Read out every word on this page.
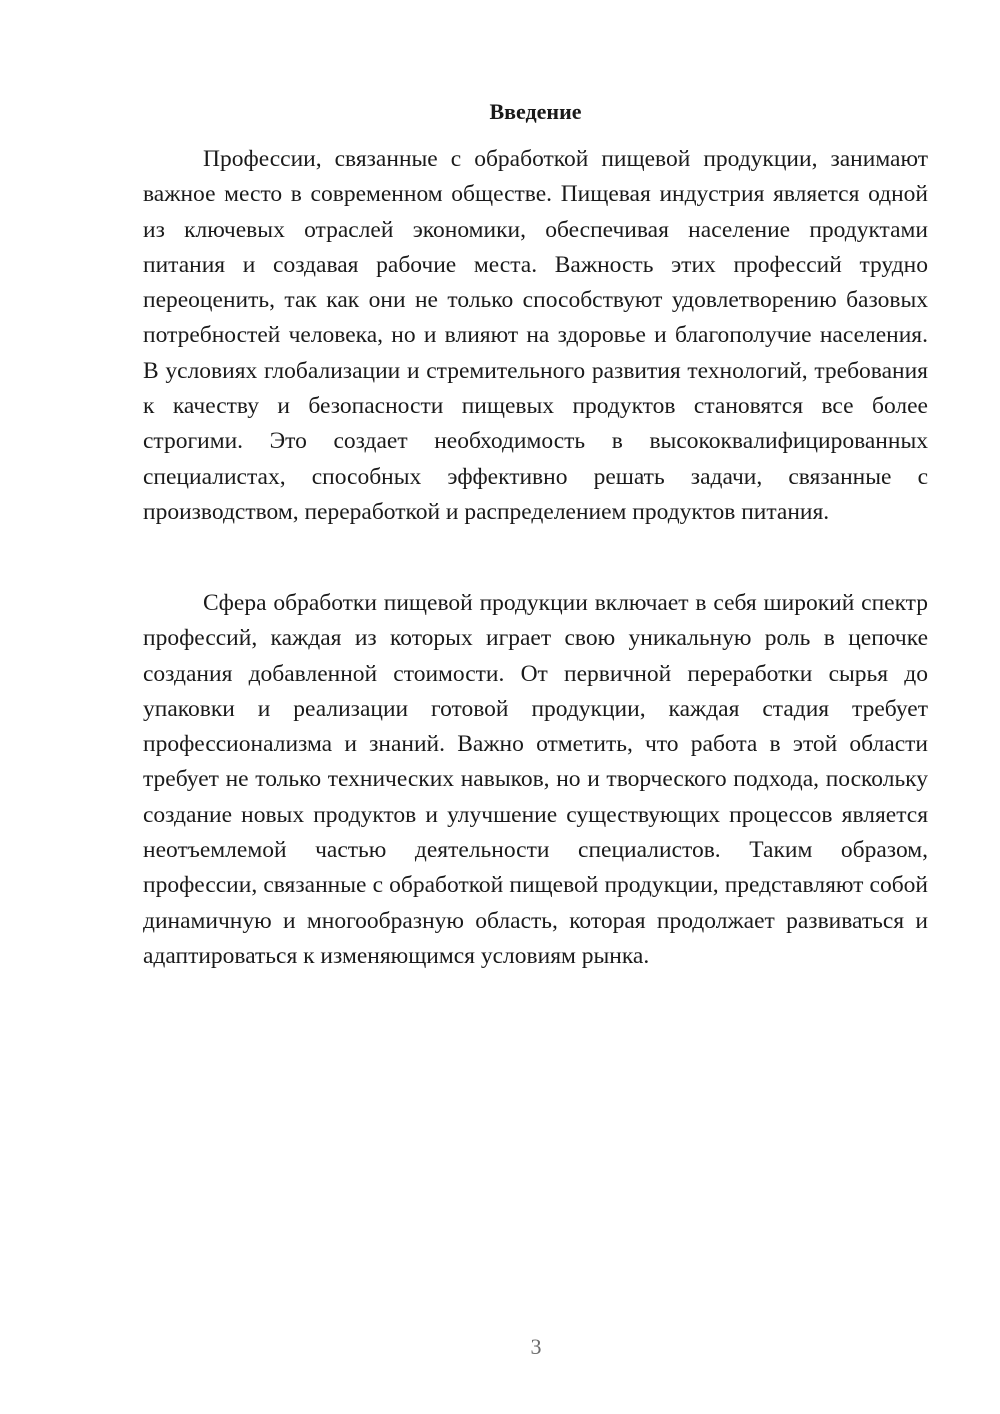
Введение

Профессии, связанные с обработкой пищевой продукции, занимают важное место в современном обществе. Пищевая индустрия является одной из ключевых отраслей экономики, обеспечивая население продуктами питания и создавая рабочие места. Важность этих профессий трудно переоценить, так как они не только способствуют удовлетворению базовых потребностей человека, но и влияют на здоровье и благополучие населения. В условиях глобализации и стремительного развития технологий, требования к качеству и безопасности пищевых продуктов становятся все более строгими. Это создает необходимость в высококвалифицированных специалистах, способных эффективно решать задачи, связанные с производством, переработкой и распределением продуктов питания.

Сфера обработки пищевой продукции включает в себя широкий спектр профессий, каждая из которых играет свою уникальную роль в цепочке создания добавленной стоимости. От первичной переработки сырья до упаковки и реализации готовой продукции, каждая стадия требует профессионализма и знаний. Важно отметить, что работа в этой области требует не только технических навыков, но и творческого подхода, поскольку создание новых продуктов и улучшение существующих процессов является неотъемлемой частью деятельности специалистов. Таким образом, профессии, связанные с обработкой пищевой продукции, представляют собой динамичную и многообразную область, которая продолжает развиваться и адаптироваться к изменяющимся условиям рынка.

3
